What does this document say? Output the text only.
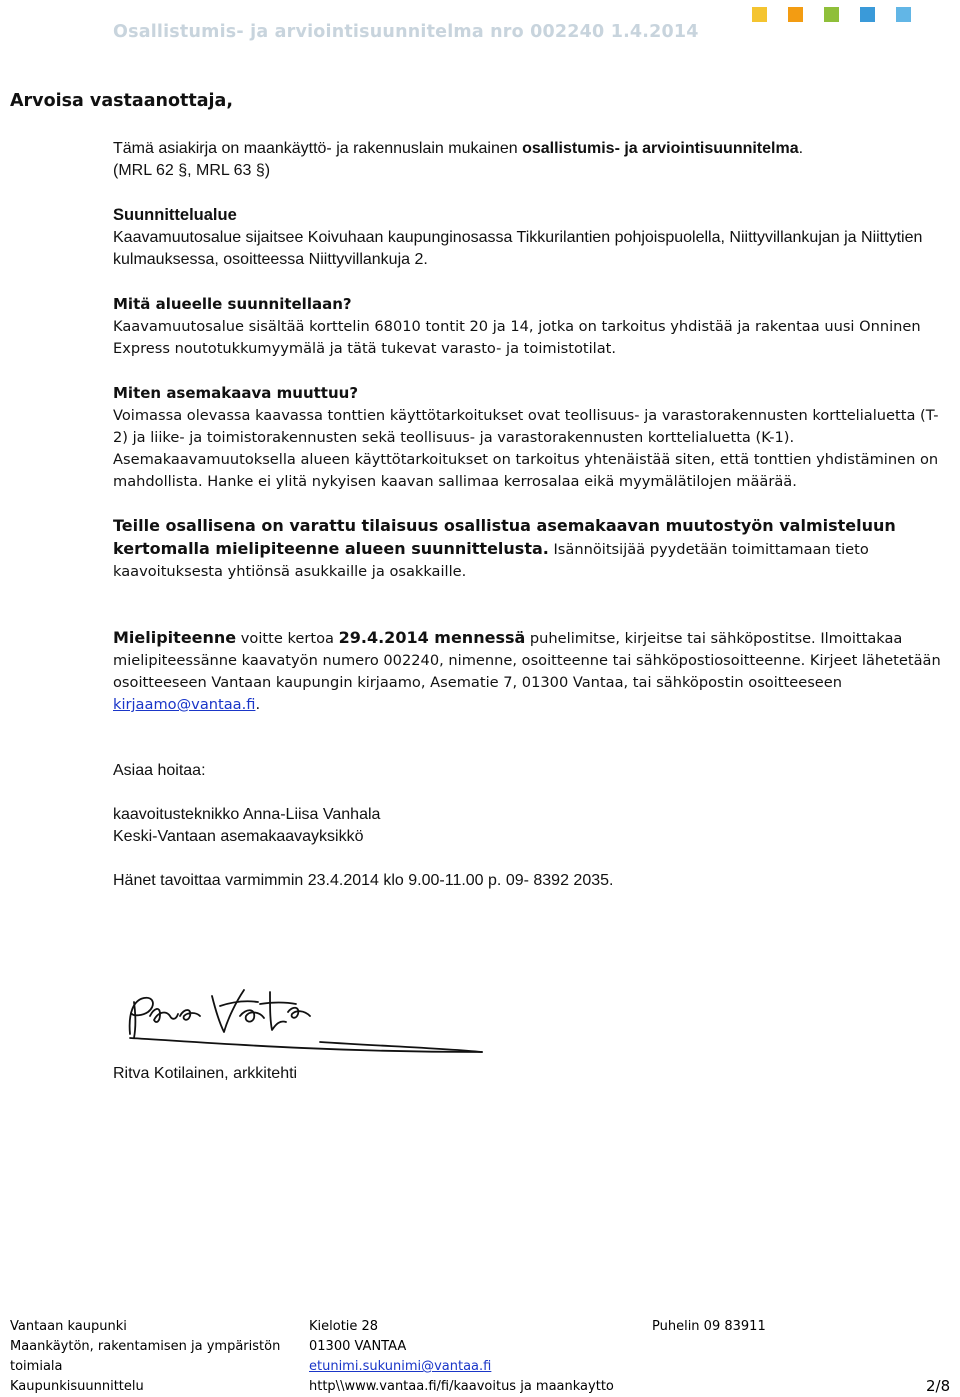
Osallistumis- ja arviointisuunnitelma nro 002240 1.4.2014
Arvoisa vastaanottaja,

Tämä asiakirja on maankäyttö- ja rakennuslain mukainen osallistumis- ja arviointisuunnitelma.
(MRL 62 §, MRL 63 §)

Suunnittelualue
Kaavamuutosalue sijaitsee Koivuhaan kaupunginosassa Tikkurilantien pohjoispuolella, Niittyvillankujan ja Niittytien kulmauksessa, osoitteessa Niittyvillankuja 2.

Mitä alueelle suunnitellaan?
Kaavamuutosalue sisältää korttelin 68010 tontit 20 ja 14, jotka on tarkoitus yhdistää ja rakentaa uusi Onninen Express noutotukkumyymälä ja tätä tukevat varasto- ja toimistotilat.

Miten asemakaava muuttuu?
Voimassa olevassa kaavassa tonttien käyttötarkoitukset ovat teollisuus- ja varastorakennusten korttelialuetta (T-2) ja liike- ja toimistorakennusten sekä teollisuus- ja varastorakennusten korttelialuetta (K-1). Asemakaavamuutoksella alueen käyttötarkoitukset on tarkoitus yhtenäistää siten, että tonttien yhdistäminen on mahdollista. Hanke ei ylitä nykyisen kaavan sallimaa kerrosalaa eikä myymälätilojen määrää.

Teille osallisena on varattu tilaisuus osallistua asemakaavan muutostyön valmisteluun kertomalla mielipiteenne alueen suunnittelusta. Isännöitsijää pyydetään toimittamaan tieto kaavoituksesta yhtiönsä asukkaille ja osakkaille.

Mielipiteenne voitte kertoa 29.4.2014 mennessä puhelimitse, kirjeitse tai sähköpostitse. Ilmoittakaa mielipiteessänne kaavatyön numero 002240, nimenne, osoitteenne tai sähköpostiosoitteenne. Kirjeet lähetetään osoitteeseen Vantaan kaupungin kirjaamo, Asematie 7, 01300 Vantaa, tai sähköpostin osoitteeseen kirjaamo@vantaa.fi.

Asiaa hoitaa:

kaavoitusteknikko Anna-Liisa Vanhala
Keski-Vantaan asemakaavayksikkö

Hänet tavoittaa varmimmin 23.4.2014 klo 9.00-11.00 p. 09- 8392 2035.

Ritva Kotilainen, arkkitehti
Vantaan kaupunki
Maankäytön, rakentamisen ja ympäristön
toimiala
Kaupunkisuunnittelu
Kielotie 28
01300 VANTAA
etunimi.sukunimi@vantaa.fi
http\\www.vantaa.fi/fi/kaavoitus ja maankaytto
Puhelin 09 83911
2/8
